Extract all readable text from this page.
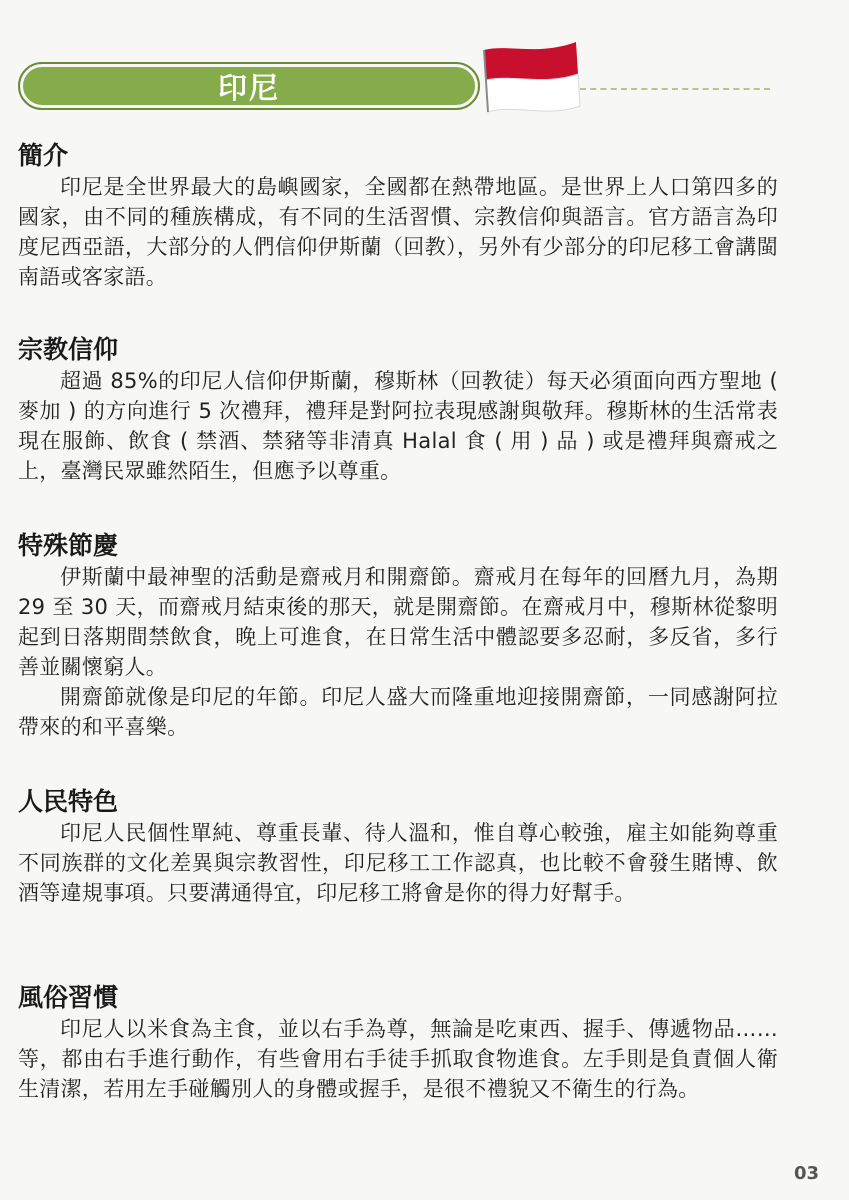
印尼
簡介

印尼是全世界最大的島嶼國家，全國都在熱帶地區。是世界上人口第四多的國家，由不同的種族構成，有不同的生活習慣、宗教信仰與語言。官方語言為印度尼西亞語，大部分的人們信仰伊斯蘭（回教），另外有少部分的印尼移工會講閩南語或客家語。

宗教信仰

超過 85%的印尼人信仰伊斯蘭，穆斯林（回教徒）每天必須面向西方聖地 ( 麥加 ) 的方向進行 5 次禮拜，禮拜是對阿拉表現感謝與敬拜。穆斯林的生活常表現在服飾、飲食 ( 禁酒、禁豬等非清真 Halal 食 ( 用 ) 品 ) 或是禮拜與齋戒之上，臺灣民眾雖然陌生，但應予以尊重。

特殊節慶

伊斯蘭中最神聖的活動是齋戒月和開齋節。齋戒月在每年的回曆九月，為期 29 至 30 天，而齋戒月結束後的那天，就是開齋節。在齋戒月中，穆斯林從黎明起到日落期間禁飲食，晚上可進食，在日常生活中體認要多忍耐，多反省，多行善並關懷窮人。

開齋節就像是印尼的年節。印尼人盛大而隆重地迎接開齋節，一同感謝阿拉帶來的和平喜樂。

人民特色

印尼人民個性單純、尊重長輩、待人溫和，惟自尊心較強，雇主如能夠尊重不同族群的文化差異與宗教習性，印尼移工工作認真，也比較不會發生賭博、飲酒等違規事項。只要溝通得宜，印尼移工將會是你的得力好幫手。

風俗習慣

印尼人以米食為主食，並以右手為尊，無論是吃東西、握手、傳遞物品……等，都由右手進行動作，有些會用右手徒手抓取食物進食。左手則是負責個人衛生清潔，若用左手碰觸別人的身體或握手，是很不禮貌又不衛生的行為。

03
